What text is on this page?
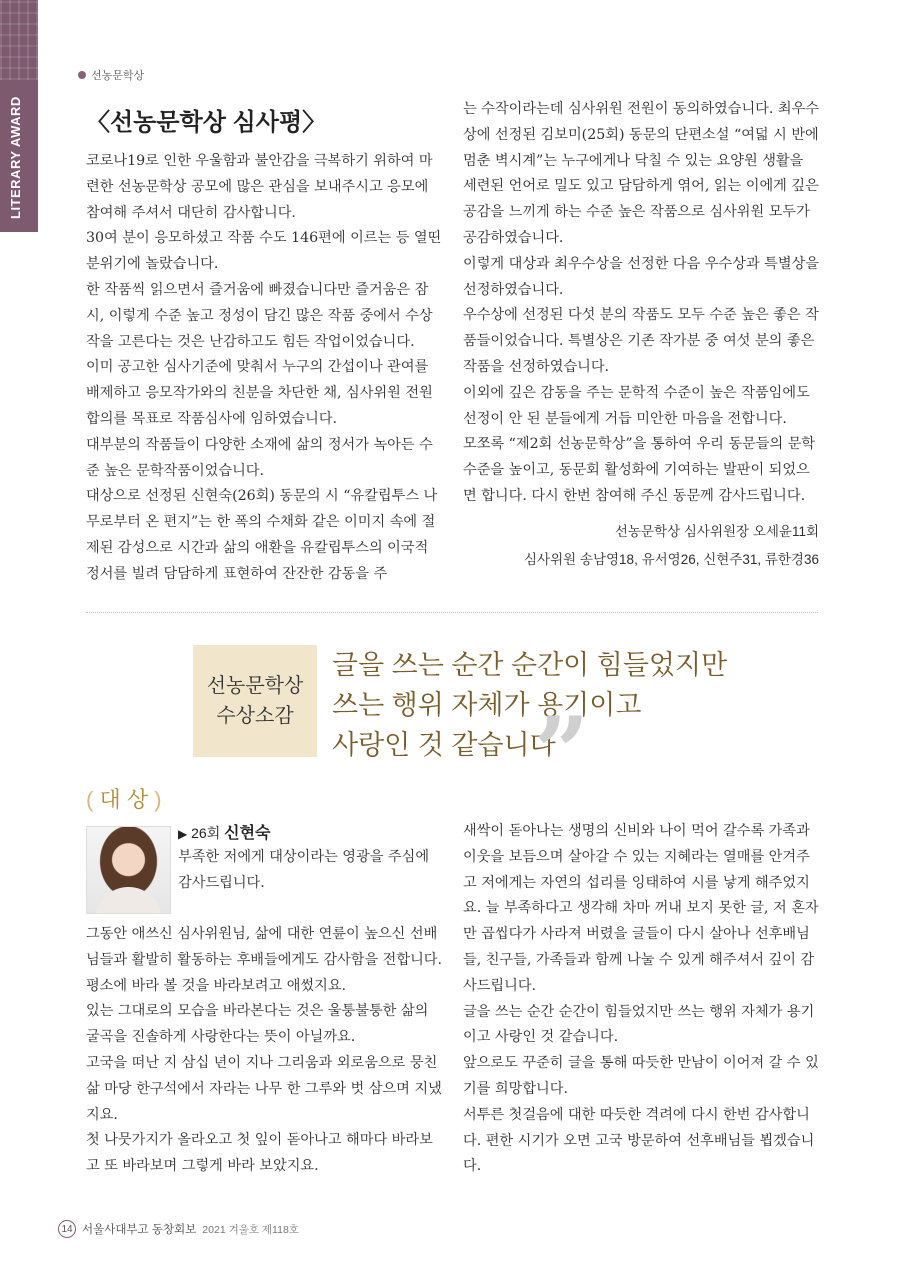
LITERARY AWARD
선농문학상
〈선농문학상 심사평〉

코로나19로 인한 우울함과 불안감을 극복하기 위하여 마련한 선농문학상 공모에 많은 관심을 보내주시고 응모에 참여해 주셔서 대단히 감사합니다.

30여 분이 응모하셨고 작품 수도 146편에 이르는 등 열띤 분위기에 놀랐습니다.

한 작품씩 읽으면서 즐거움에 빠졌습니다만 즐거움은 잠시, 이렇게 수준 높고 정성이 담긴 많은 작품 중에서 수상작을 고른다는 것은 난감하고도 힘든 작업이었습니다.

이미 공고한 심사기준에 맞춰서 누구의 간섭이나 관여를 배제하고 응모작가와의 친분을 차단한 채, 심사위원 전원합의를 목표로 작품심사에 임하였습니다.

대부분의 작품들이 다양한 소재에 삶의 정서가 녹아든 수준 높은 문학작품이었습니다.

대상으로 선정된 신현숙(26회) 동문의 시 “유칼립투스 나무로부터 온 편지”는 한 폭의 수채화 같은 이미지 속에 절제된 감성으로 시간과 삶의 애환을 유칼립투스의 이국적 정서를 빌려 담담하게 표현하여 잔잔한 감동을 주

는 수작이라는데 심사위원 전원이 동의하였습니다. 최우수상에 선정된 김보미(25회) 동문의 단편소설 “여덟 시 반에 멈춘 벽시계”는 누구에게나 닥칠 수 있는 요양원 생활을 세련된 언어로 밀도 있고 담담하게 엮어, 읽는 이에게 깊은 공감을 느끼게 하는 수준 높은 작품으로 심사위원 모두가 공감하였습니다.

이렇게 대상과 최우수상을 선정한 다음 우수상과 특별상을 선정하였습니다.

우수상에 선정된 다섯 분의 작품도 모두 수준 높은 좋은 작품들이었습니다. 특별상은 기존 작가분 중 여섯 분의 좋은 작품을 선정하였습니다.

이외에 깊은 감동을 주는 문학적 수준이 높은 작품임에도 선정이 안 된 분들에게 거듭 미안한 마음을 전합니다.

모쪼록 “제2회 선농문학상”을 통하여 우리 동문들의 문학 수준을 높이고, 동문회 활성화에 기여하는 발판이 되었으면 합니다. 다시 한번 참여해 주신 동문께 감사드립니다.

선농문학상 심사위원장 오세윤11회
심사위원 송남영18, 유서영26, 신현주31, 류한경36
선농문학상
수상소감

글을 쓰는 순간 순간이 힘들었지만

쓰는 행위 자체가 용기이고

사랑인 것 같습니다

”
( 대 상 )
▶ 26회 신현숙

부족한 저에게 대상이라는 영광을 주심에 감사드립니다.

그동안 애쓰신 심사위원님, 삶에 대한 연륜이 높으신 선배님들과 활발히 활동하는 후배들에게도 감사함을 전합니다.

평소에 바라 볼 것을 바라보려고 애썼지요.

있는 그대로의 모습을 바라본다는 것은 울퉁불퉁한 삶의 굴곡을 진솔하게 사랑한다는 뜻이 아닐까요.

고국을 떠난 지 삼십 년이 지나 그리움과 외로움으로 뭉친 삶 마당 한구석에서 자라는 나무 한 그루와 벗 삼으며 지냈지요.

첫 나뭇가지가 올라오고 첫 잎이 돋아나고 해마다 바라보고 또 바라보며 그렇게 바라 보았지요.

새싹이 돋아나는 생명의 신비와 나이 먹어 갈수록 가족과 이웃을 보듬으며 살아갈 수 있는 지혜라는 열매를 안겨주고 저에게는 자연의 섭리를 잉태하여 시를 낳게 해주었지요. 늘 부족하다고 생각해 차마 꺼내 보지 못한 글, 저 혼자만 곱씹다가 사라져 버렸을 글들이 다시 살아나 선후배님들, 친구들, 가족들과 함께 나눌 수 있게 해주셔서 깊이 감사드립니다.

글을 쓰는 순간 순간이 힘들었지만 쓰는 행위 자체가 용기이고 사랑인 것 같습니다.

앞으로도 꾸준히 글을 통해 따듯한 만남이 이어져 갈 수 있기를 희망합니다.

서투른 첫걸음에 대한 따듯한 격려에 다시 한번 감사합니다. 편한 시기가 오면 고국 방문하여 선후배님들 뵙겠습니다.

14 서울사대부고 동창회보 2021 겨울호 제118호
